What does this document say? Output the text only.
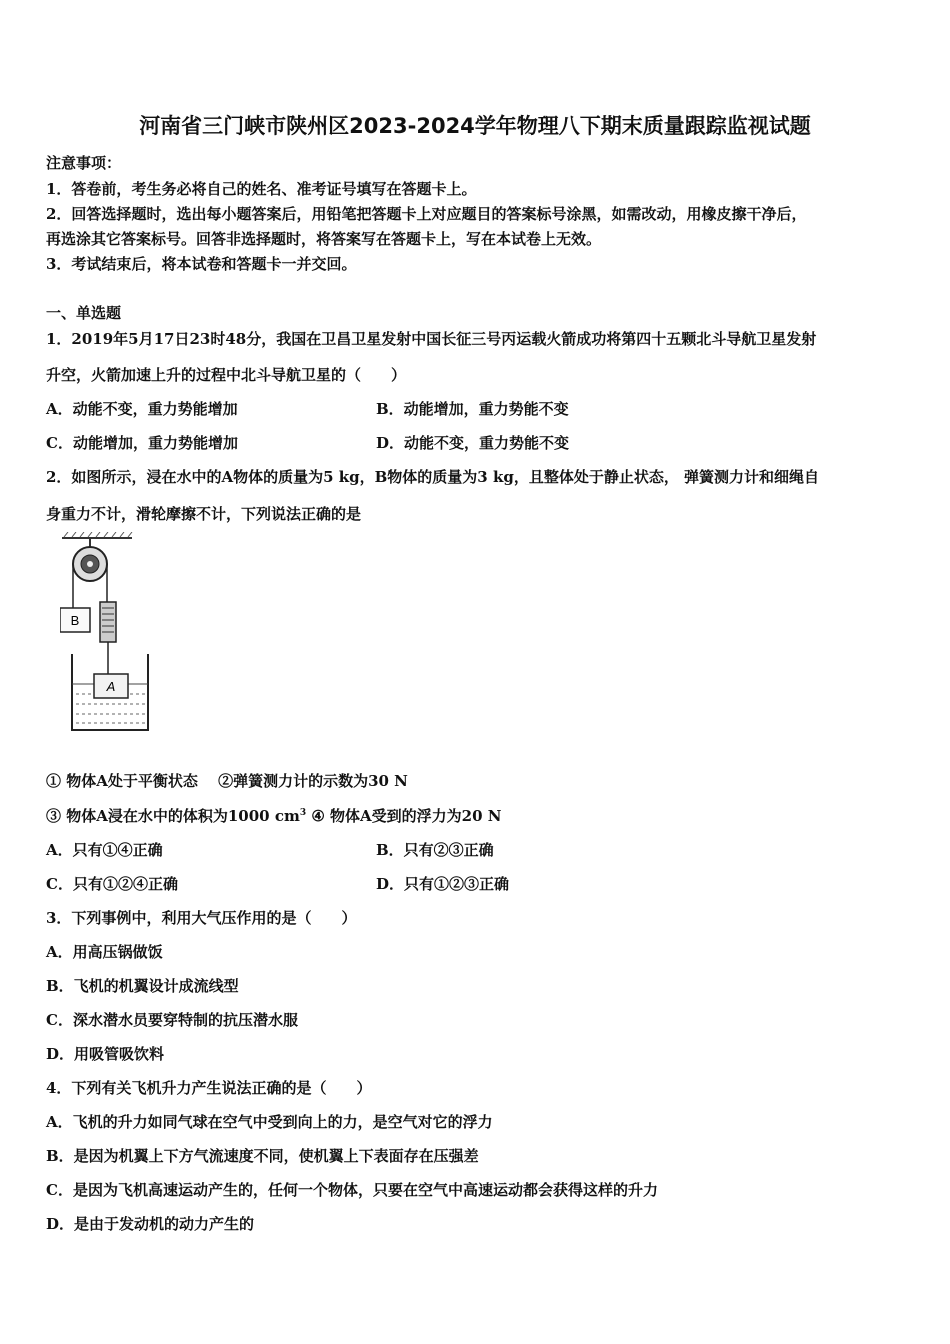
河南省三门峡市陕州区2023-2024学年物理八下期末质量跟踪监视试题
注意事项：
1．答卷前，考生务必将自己的姓名、准考证号填写在答题卡上。
2．回答选择题时，选出每小题答案后，用铅笔把答题卡上对应题目的答案标号涂黑，如需改动，用橡皮擦干净后，
再选涂其它答案标号。回答非选择题时，将答案写在答题卡上，写在本试卷上无效。
3．考试结束后，将本试卷和答题卡一并交回。
一、单选题
1．2019年5月17日23时48分，我国在卫昌卫星发射中国长征三号丙运载火箭成功将第四十五颗北斗导航卫星发射
升空，火箭加速上升的过程中北斗导航卫星的（　　）
A．动能不变，重力势能增加	B．动能增加，重力势能不变
C．动能增加，重力势能增加	D．动能不变，重力势能不变
2．如图所示，浸在水中的A物体的质量为5 kg，B物体的质量为3 kg，且整体处于静止状态， 弹簧测力计和细绳自
身重力不计，滑轮摩擦不计，下列说法正确的是
B
A
① 物体A处于平衡状态　 ②弹簧测力计的示数为30 N
③ 物体A浸在水中的体积为1000 $cm^3$ ④ 物体A受到的浮力为20 N
A．只有①④正确	B．只有②③正确
C．只有①②④正确	D．只有①②③正确
3．下列事例中，利用大气压作用的是（　　）
A．用高压锅做饭
B．飞机的机翼设计成流线型
C．深水潜水员要穿特制的抗压潜水服
D．用吸管吸饮料
4．下列有关飞机升力产生说法正确的是（　　）
A．飞机的升力如同气球在空气中受到向上的力，是空气对它的浮力
B．是因为机翼上下方气流速度不同，使机翼上下表面存在压强差
C．是因为飞机高速运动产生的，任何一个物体，只要在空气中高速运动都会获得这样的升力
D．是由于发动机的动力产生的
